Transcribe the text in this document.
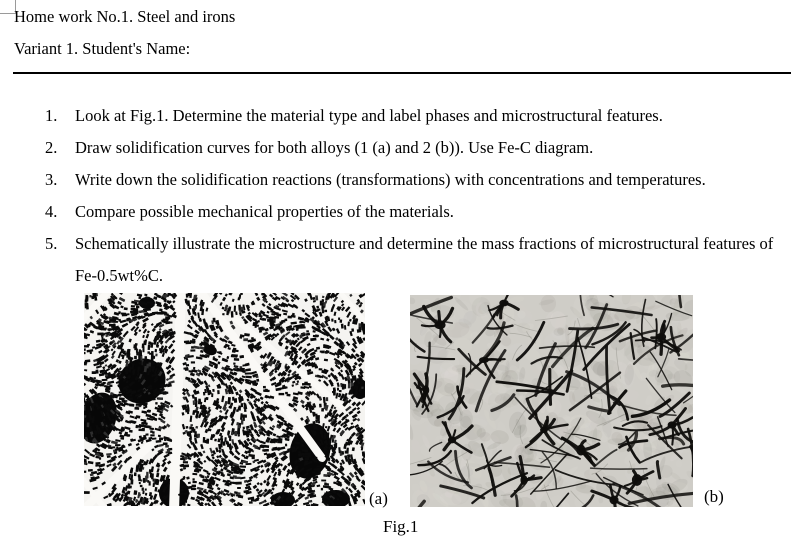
Home work No.1. Steel and irons
Variant 1. Student's Name:
1.	Look at Fig.1. Determine the material type and label phases and microstructural features.
2.	Draw solidification curves for both alloys (1 (a) and 2 (b)). Use Fe-C diagram.
3.	Write down the solidification reactions (transformations) with concentrations and temperatures.
4.	Compare possible mechanical properties of the materials.
5.	Schematically illustrate the microstructure and determine the mass fractions of microstructural features of Fe-0.5wt%C.
(a)	(b)
Fig.1
